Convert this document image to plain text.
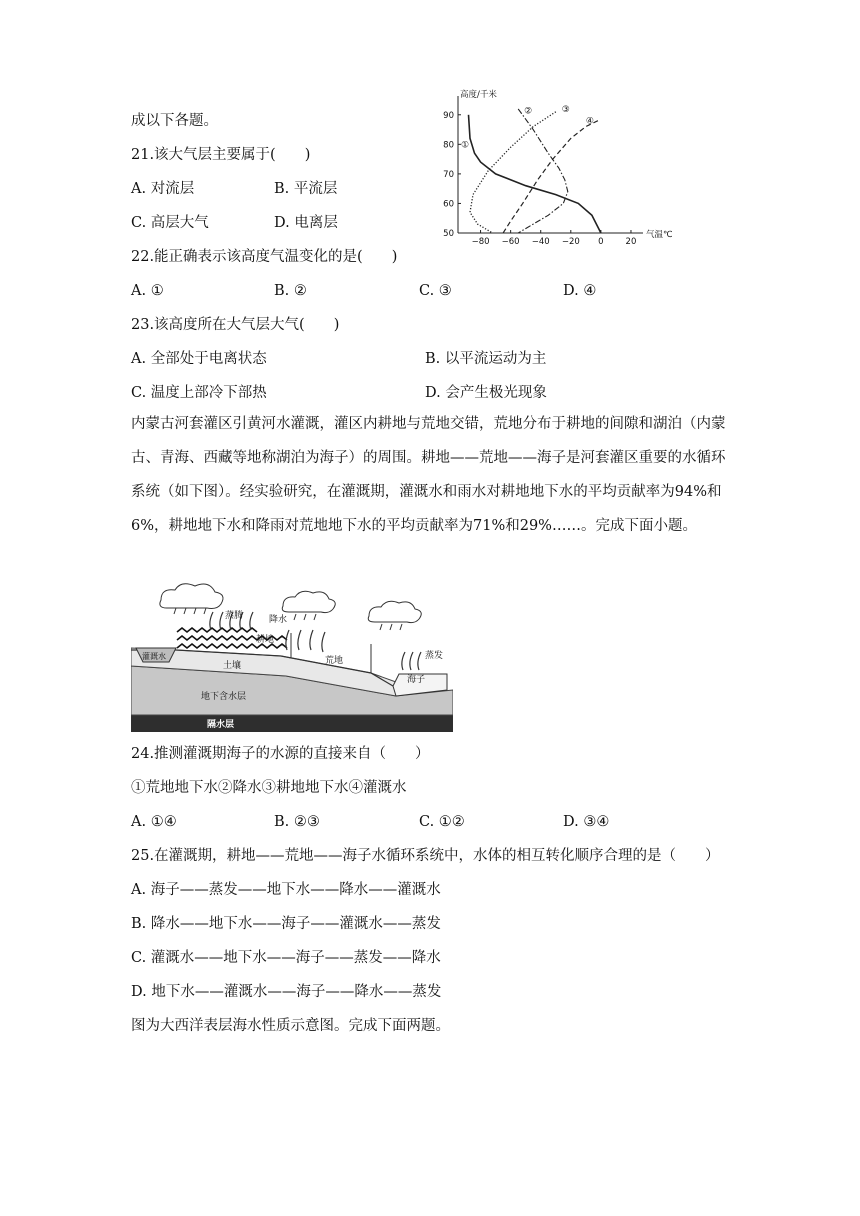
成以下各题。
21.该大气层主要属于(　　)
A. 对流层	B. 平流层
C. 高层大气	D. 电离层
90
80
70
60
50
−80 −60 −40 −20 0	20
高度/千米
气温℃
①
②	③
④
22.能正确表示该高度气温变化的是(　　)
A. ①	B. ②	C. ③	D. ④
23.该高度所在大气层大气(　　)
A. 全部处于电离状态	B. 以平流运动为主
C. 温度上部冷下部热	D. 会产生极光现象
内蒙古河套灌区引黄河水灌溉，灌区内耕地与荒地交错，荒地分布于耕地的间隙和湖泊（内蒙古、青海、西藏等地称湖泊为海子）的周围。耕地——荒地——海子是河套灌区重要的水循环系统（如下图）。经实验研究，在灌溉期，灌溉水和雨水对耕地地下水的平均贡献率为94%和6%，耕地地下水和降雨对荒地地下水的平均贡献率为71%和29%……。完成下面小题。
蒸腾
耕地
降水
荒地
灌溉水
土壤
蒸发
海子
地下含水层
隔水层
24.推测灌溉期海子的水源的直接来自（　　）
①荒地地下水②降水③耕地地下水④灌溉水
A. ①④	B. ②③	C. ①②	D. ③④
25.在灌溉期，耕地——荒地——海子水循环系统中，水体的相互转化顺序合理的是（　　）
A. 海子——蒸发——地下水——降水——灌溉水
B. 降水——地下水——海子——灌溉水——蒸发
C. 灌溉水——地下水——海子——蒸发——降水
D. 地下水——灌溉水——海子——降水——蒸发
图为大西洋表层海水性质示意图。完成下面两题。
